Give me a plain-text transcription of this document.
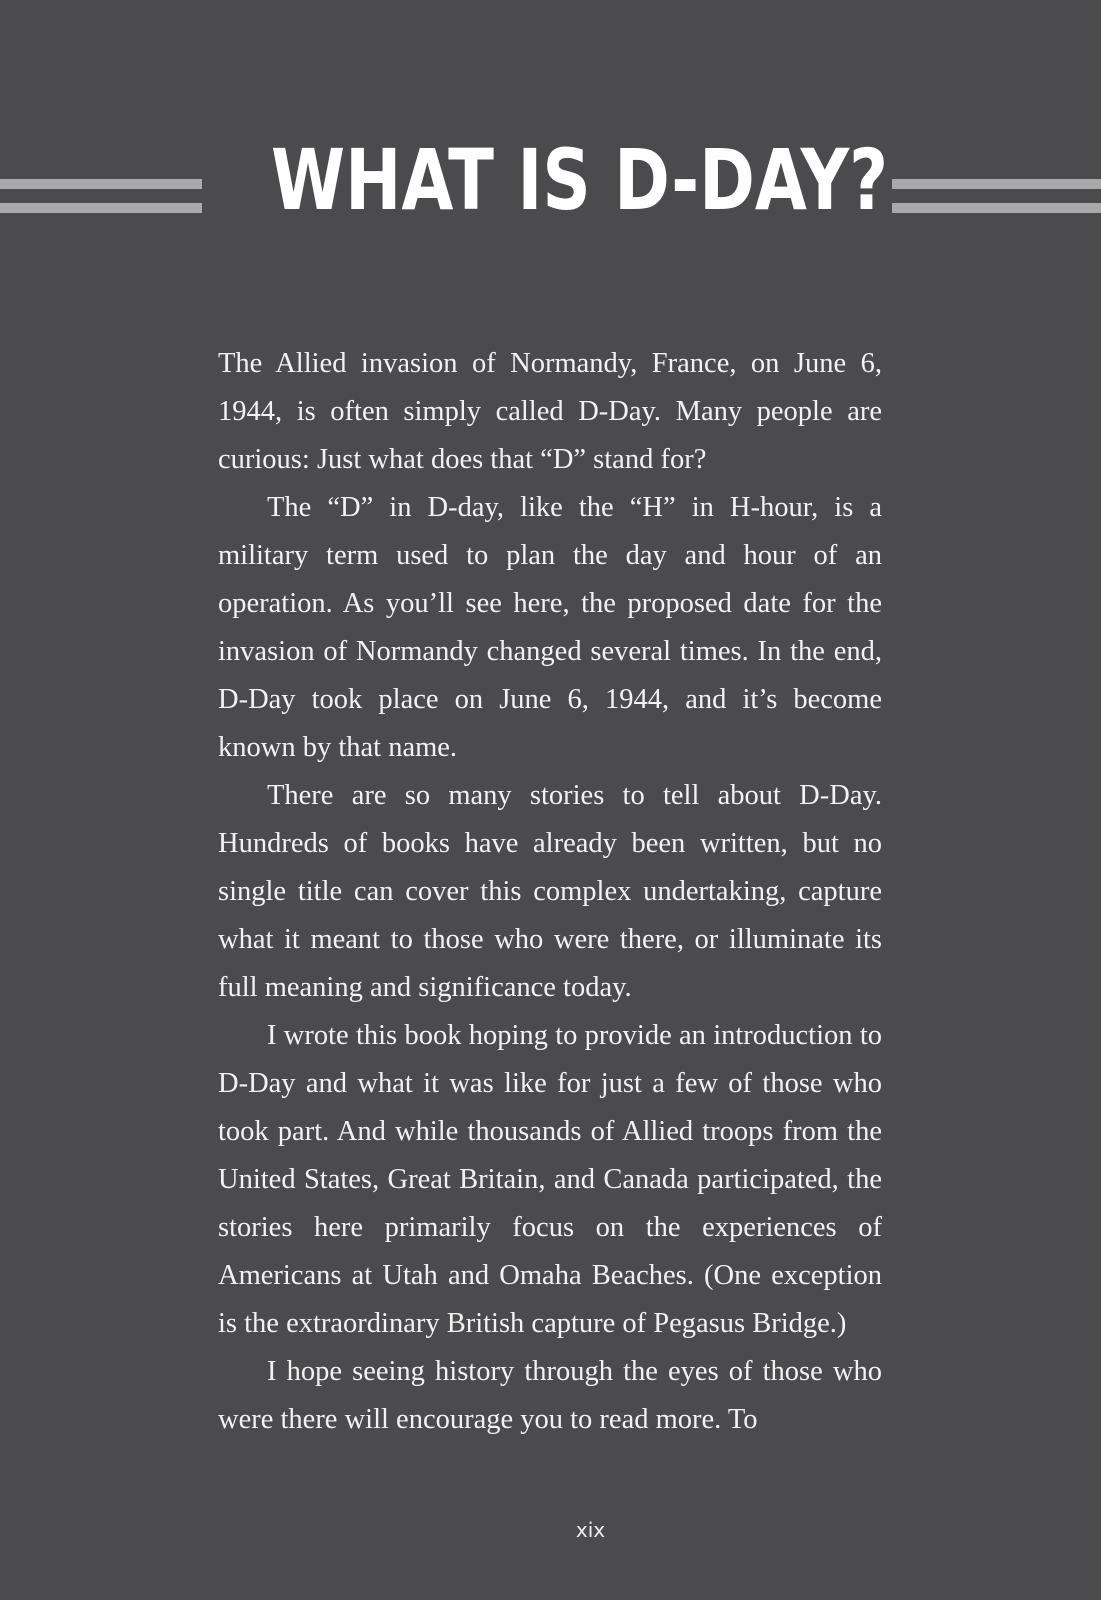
WHAT IS D-DAY?

The Allied invasion of Normandy, France, on June 6, 1944, is often simply called D-Day. Many people are curious: Just what does that “D” stand for?

The “D” in D-day, like the “H” in H-hour, is a military term used to plan the day and hour of an operation. As you’ll see here, the proposed date for the invasion of Normandy changed several times. In the end, D-Day took place on June 6, 1944, and it’s become known by that name.

There are so many stories to tell about D-Day. Hundreds of books have already been written, but no single title can cover this complex undertaking, capture what it meant to those who were there, or illuminate its full meaning and significance today.

I wrote this book hoping to provide an introduction to D-Day and what it was like for just a few of those who took part. And while thousands of Allied troops from the United States, Great Britain, and Canada participated, the stories here primarily focus on the experiences of Americans at Utah and Omaha Beaches. (One exception is the extraordinary British capture of Pegasus Bridge.)

I hope seeing history through the eyes of those who were there will encourage you to read more. To

xix
